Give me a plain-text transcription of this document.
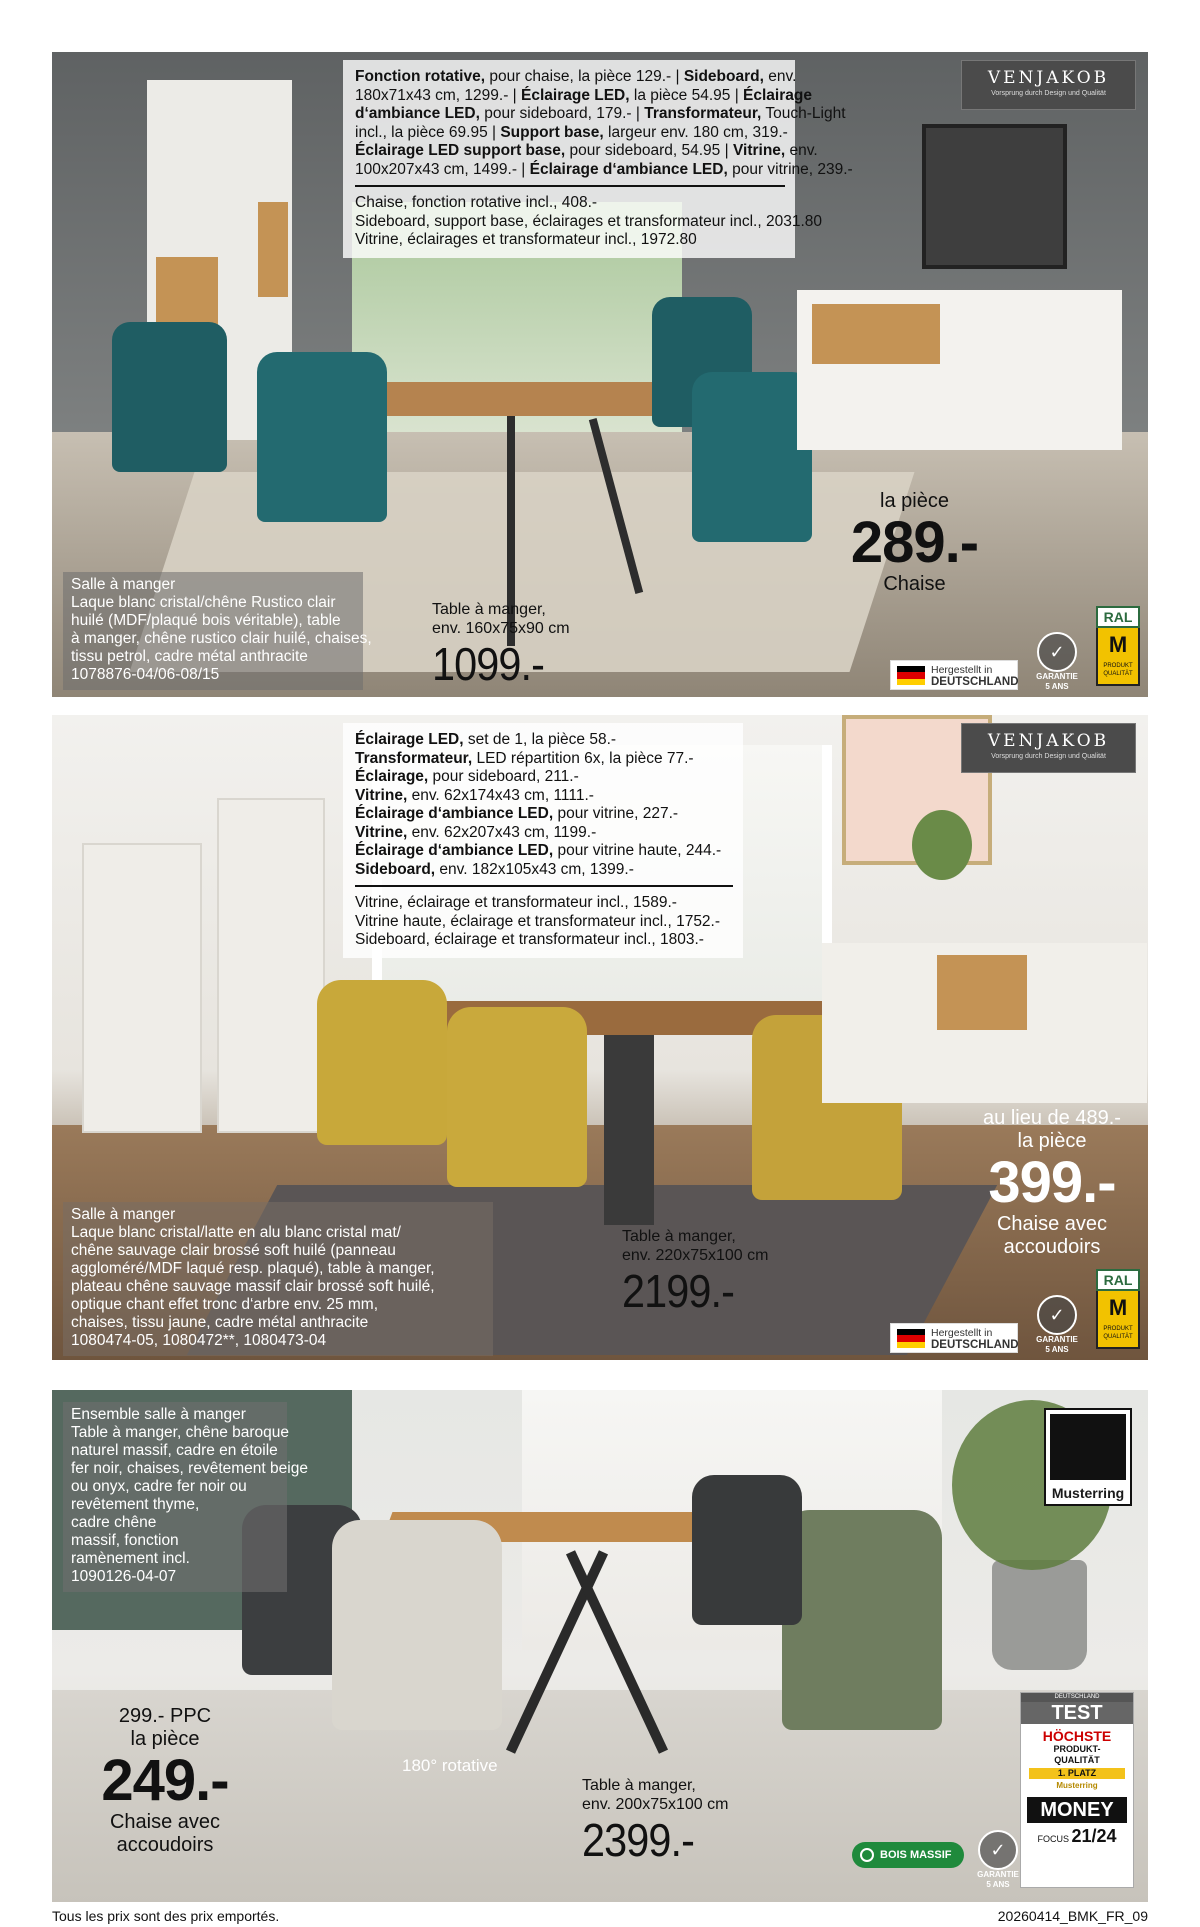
VENJAKOB
Vorsprung durch Design und Qualität
Fonction rotative, pour chaise, la pièce 129.- | Sideboard, env.
180x71x43 cm, 1299.- | Éclairage LED, la pièce 54.95 | Éclairage
d‘ambiance LED, pour sideboard, 179.- | Transformateur, Touch-Light
incl., la pièce 69.95 | Support base, largeur env. 180 cm, 319.-
Éclairage LED support base, pour sideboard, 54.95 | Vitrine, env.
100x207x43 cm, 1499.- | Éclairage d‘ambiance LED, pour vitrine, 239.-
Chaise, fonction rotative incl., 408.-
Sideboard, support base, éclairages et transformateur incl., 2031.80
Vitrine, éclairages et transformateur incl., 1972.80
Salle à manger
Laque blanc cristal/chêne Rustico clair
huilé (MDF/plaqué bois véritable), table
à manger, chêne rustico clair huilé, chaises,
tissu petrol, cadre métal anthracite
1078876-04/06-08/15
Table à manger,
env. 160x75x90 cm
1099.-
la pièce
289.-
Chaise
Hergestellt in
DEUTSCHLAND
✓
GARANTIE
5 ANS
RAL
M
PRODUKT
QUALITÄT
VENJAKOB
Vorsprung durch Design und Qualität
Éclairage LED, set de 1, la pièce 58.-
Transformateur, LED répartition 6x, la pièce 77.-
Éclairage, pour sideboard, 211.-
Vitrine, env. 62x174x43 cm, 1111.-
Éclairage d‘ambiance LED, pour vitrine, 227.-
Vitrine, env. 62x207x43 cm, 1199.-
Éclairage d‘ambiance LED, pour vitrine haute, 244.-
Sideboard, env. 182x105x43 cm, 1399.-
Vitrine, éclairage et transformateur incl., 1589.-
Vitrine haute, éclairage et transformateur incl., 1752.-
Sideboard, éclairage et transformateur incl., 1803.-
Salle à manger
Laque blanc cristal/latte en alu blanc cristal mat/
chêne sauvage clair brossé soft huilé (panneau
aggloméré/MDF laqué resp. plaqué), table à manger,
plateau chêne sauvage massif clair brossé soft huilé,
optique chant effet tronc d‘arbre env. 25 mm,
chaises, tissu jaune, cadre métal anthracite
1080474-05, 1080472**, 1080473-04
Table à manger,
env. 220x75x100 cm
2199.-
au lieu de 489.-
la pièce
399.-
Chaise avec
accoudoirs
Hergestellt in
DEUTSCHLAND
✓
GARANTIE
5 ANS
RAL
M
PRODUKT
QUALITÄT
Ensemble salle à manger
Table à manger, chêne baroque
naturel massif, cadre en étoile
fer noir, chaises, revêtement beige
ou onyx, cadre fer noir ou
revêtement thyme,
cadre chêne
massif, fonction
ramènement incl.
1090126-04-07
Musterring
180° rotative
299.- PPC
la pièce
249.-
Chaise avec
accoudoirs
Table à manger,
env. 200x75x100 cm
2399.-	BOIS MASSIF	✓
GARANTIE
5 ANS
DEUTSCHLAND
TEST
HÖCHSTE
PRODUKT-
QUALITÄT
1. PLATZ
Musterring
MONEY
FOCUS 21/24
Tous les prix sont des prix emportés.	20260414_BMK_FR_09
